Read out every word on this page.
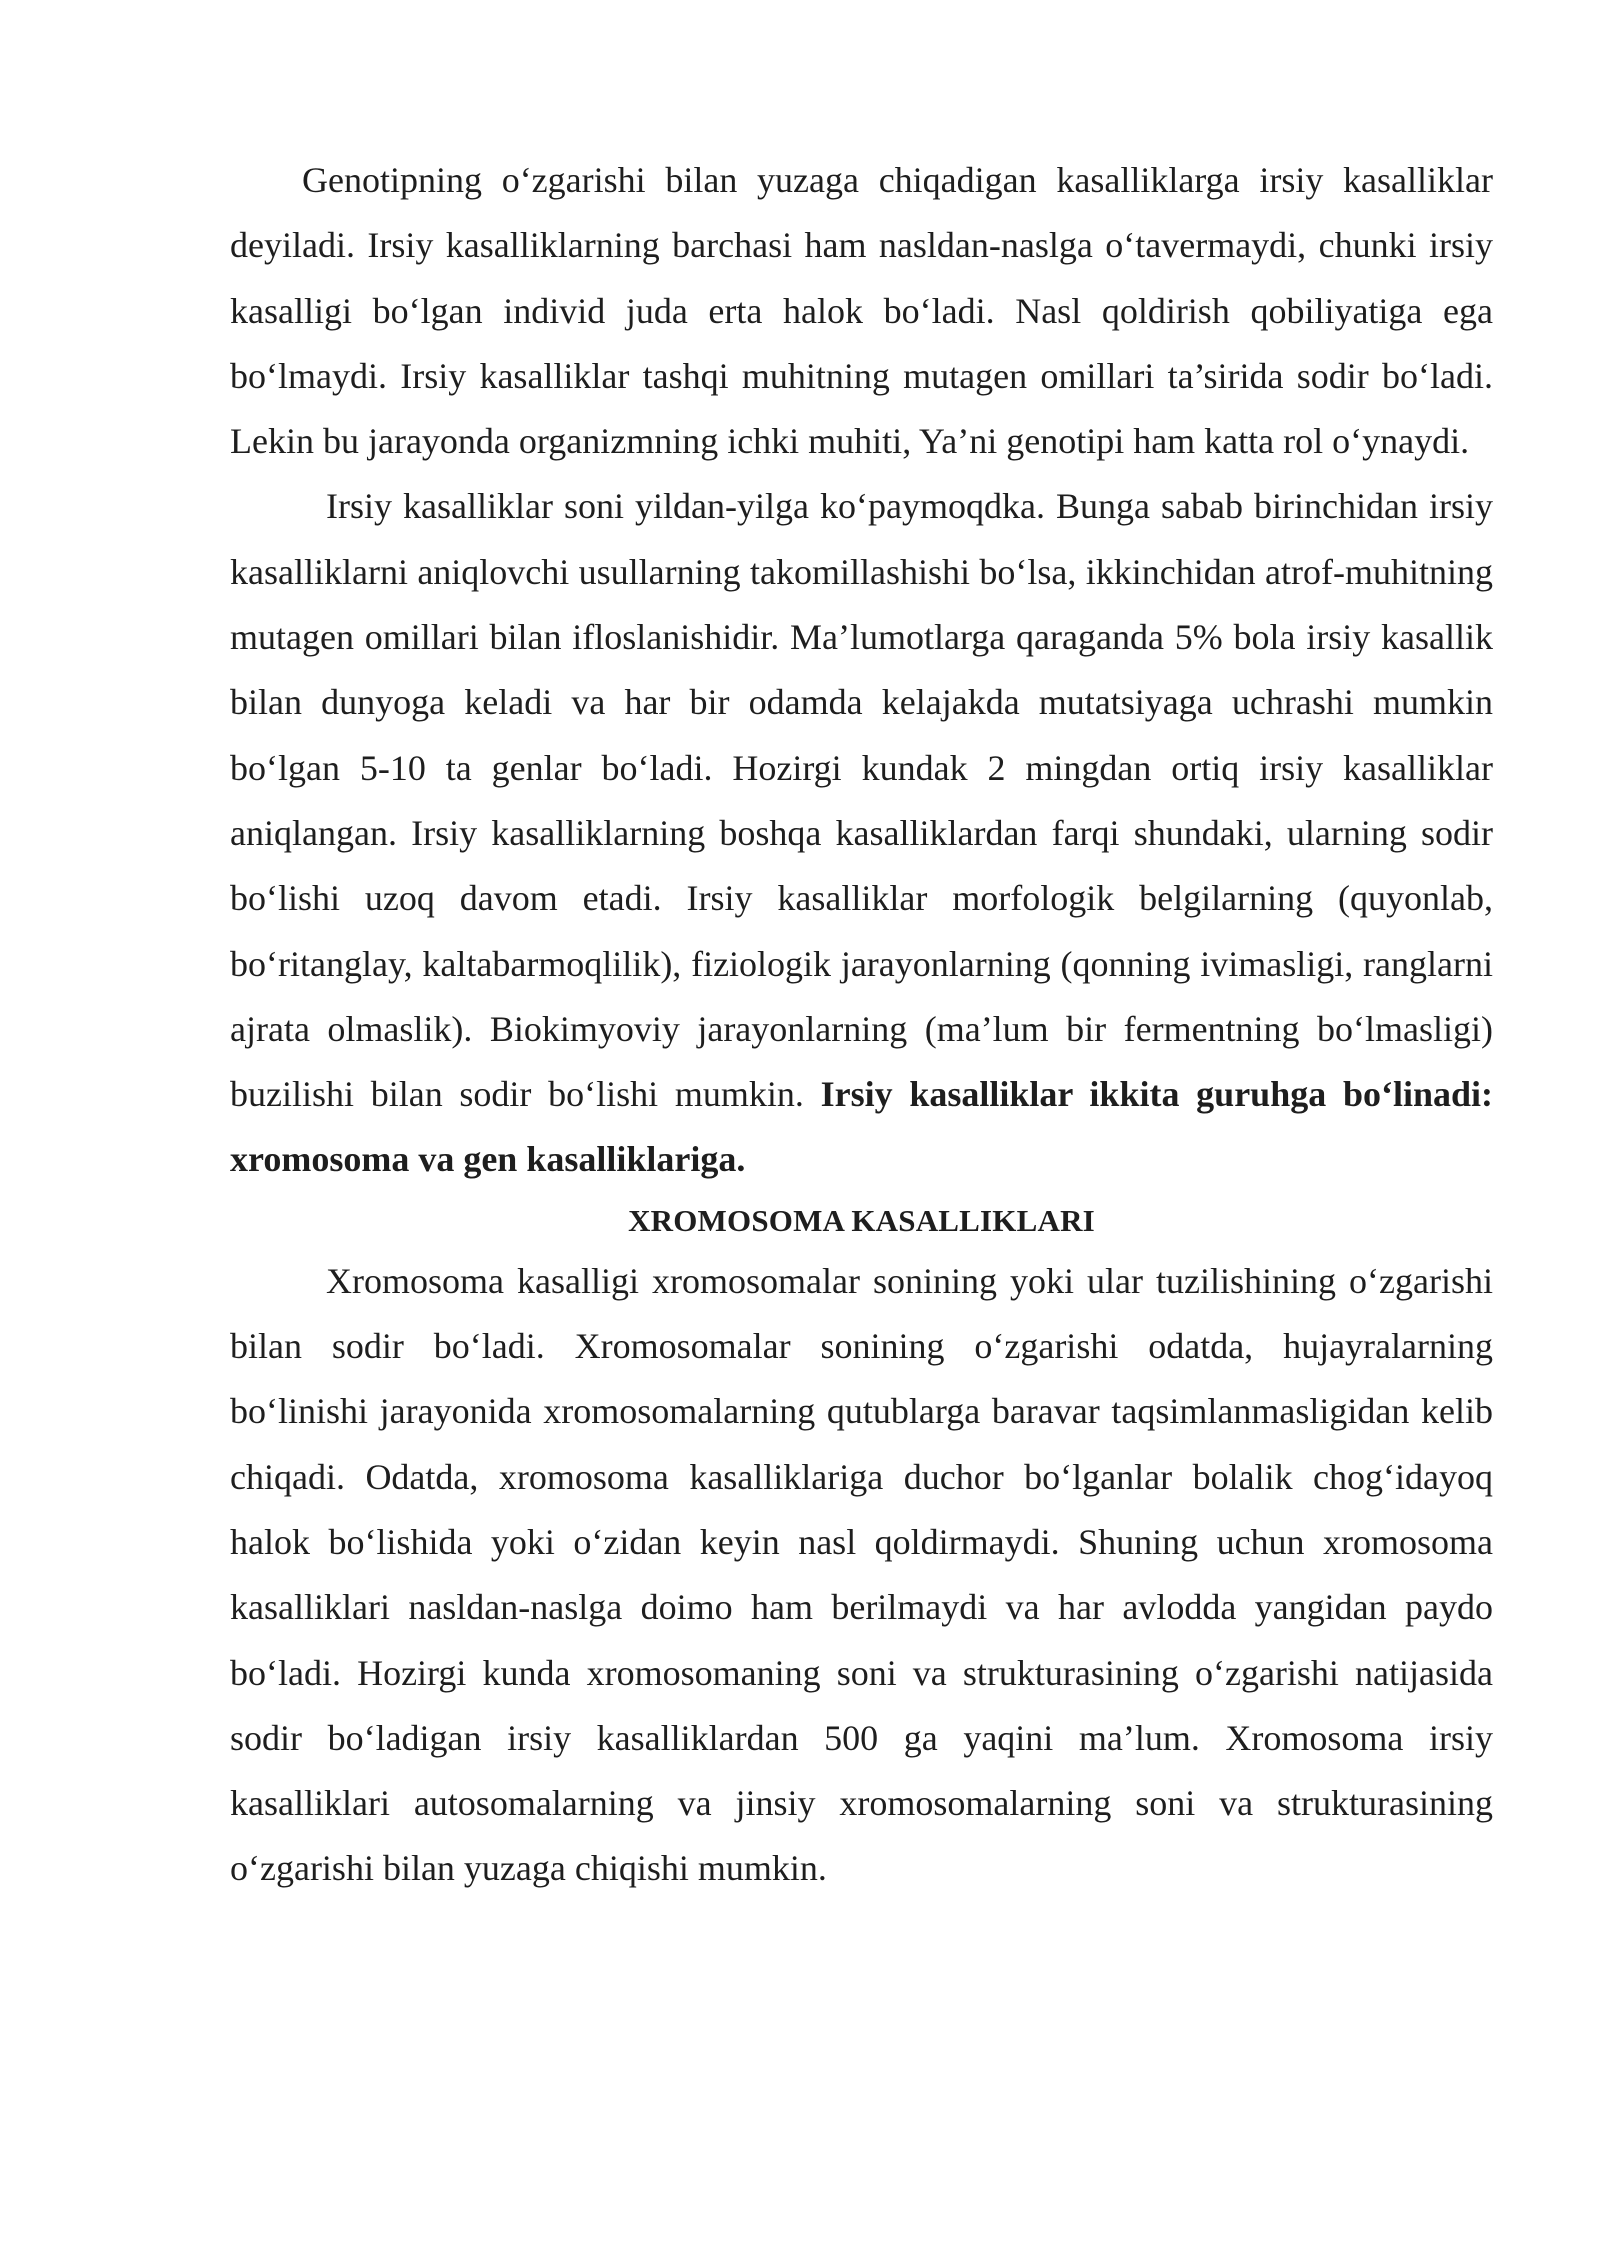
Genotipning o‘zgarishi bilan yuzaga chiqadigan kasalliklarga irsiy kasalliklar deyiladi. Irsiy kasalliklarning barchasi ham nasldan-naslga o‘tavermaydi, chunki irsiy kasalligi bo‘lgan individ juda erta halok bo‘ladi. Nasl qoldirish qobiliyatiga ega bo‘lmaydi. Irsiy kasalliklar tashqi muhitning mutagen omillari ta’sirida sodir bo‘ladi. Lekin bu jarayonda organizmning ichki muhiti, Ya’ni genotipi ham katta rol o‘ynaydi.

Irsiy kasalliklar soni yildan-yilga ko‘paymoqdka. Bunga sabab birinchidan irsiy kasalliklarni aniqlovchi usullarning takomillashishi bo‘lsa, ikkinchidan atrof-muhitning mutagen omillari bilan ifloslanishidir. Ma’lumotlarga qaraganda 5% bola irsiy kasallik bilan dunyoga keladi va har bir odamda kelajakda mutatsiyaga uchrashi mumkin bo‘lgan 5-10 ta genlar bo‘ladi. Hozirgi kundak 2 mingdan ortiq irsiy kasalliklar aniqlangan. Irsiy kasalliklarning boshqa kasalliklardan farqi shundaki, ularning sodir bo‘lishi uzoq davom etadi. Irsiy kasalliklar morfologik belgilarning (quyonlab, bo‘ritanglay, kaltabarmoqlilik), fiziologik jarayonlarning (qonning ivimasligi, ranglarni ajrata olmaslik). Biokimyoviy jarayonlarning (ma’lum bir fermentning bo‘lmasligi) buzilishi bilan sodir bo‘lishi mumkin. Irsiy kasalliklar ikkita guruhga bo‘linadi: xromosoma va gen kasalliklariga.

XROMOSOMA KASALLIKLARI

Xromosoma kasalligi xromosomalar sonining yoki ular tuzilishining o‘zgarishi bilan sodir bo‘ladi. Xromosomalar sonining o‘zgarishi odatda, hujayralarning bo‘linishi jarayonida xromosomalarning qutublarga baravar taqsimlanmasligidan kelib chiqadi. Odatda, xromosoma kasalliklariga duchor bo‘lganlar bolalik chog‘idayoq halok bo‘lishida yoki o‘zidan keyin nasl qoldirmaydi. Shuning uchun xromosoma kasalliklari nasldan-naslga doimo ham berilmaydi va har avlodda yangidan paydo bo‘ladi. Hozirgi kunda xromosomaning soni va strukturasining o‘zgarishi natijasida sodir bo‘ladigan irsiy kasalliklardan 500 ga yaqini ma’lum. Xromosoma irsiy kasalliklari autosomalarning va jinsiy xromosomalarning soni va strukturasining o‘zgarishi bilan yuzaga chiqishi mumkin.
